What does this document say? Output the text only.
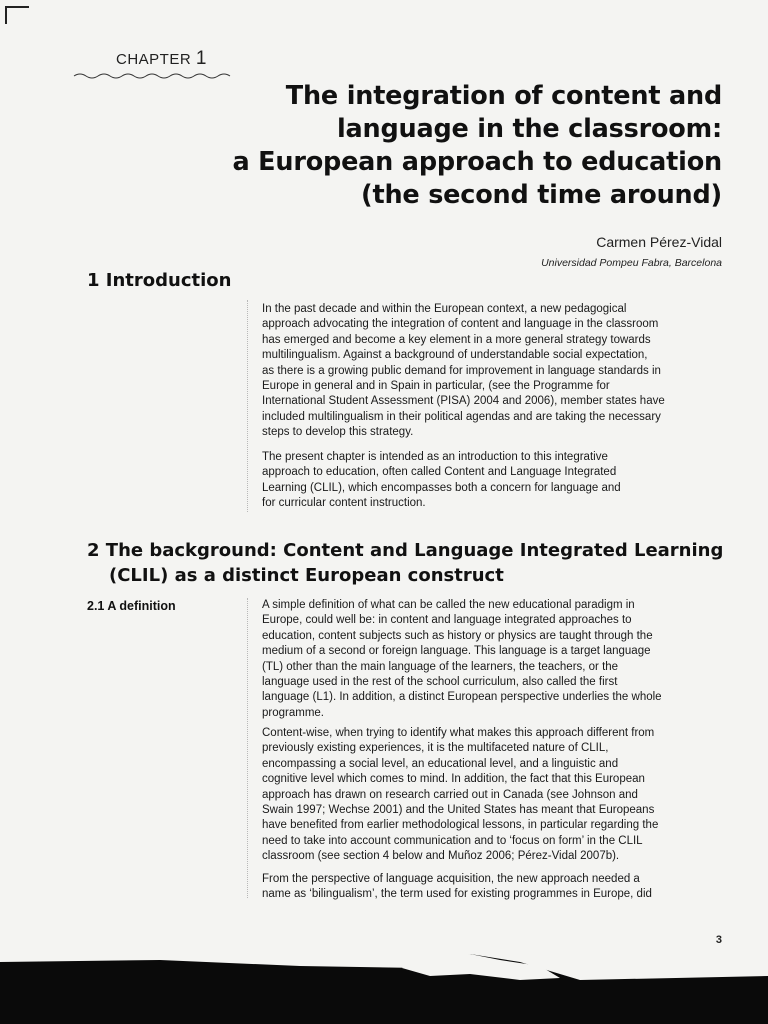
CHAPTER 1
The integration of content and
language in the classroom:
a European approach to education
(the second time around)
Carmen Pérez-Vidal
Universidad Pompeu Fabra, Barcelona
1 Introduction
In the past decade and within the European context, a new pedagogical
approach advocating the integration of content and language in the classroom
has emerged and become a key element in a more general strategy towards
multilingualism. Against a background of understandable social expectation,
as there is a growing public demand for improvement in language standards in
Europe in general and in Spain in particular, (see the Programme for
International Student Assessment (PISA) 2004 and 2006), member states have
included multilingualism in their political agendas and are taking the necessary
steps to develop this strategy.
The present chapter is intended as an introduction to this integrative
approach to education, often called Content and Language Integrated
Learning (CLIL), which encompasses both a concern for language and
for curricular content instruction.
2 The background: Content and Language Integrated Learning
(CLIL) as a distinct European construct
2.1 A definition	A simple definition of what can be called the new educational paradigm in
Europe, could well be: in content and language integrated approaches to
education, content subjects such as history or physics are taught through the
medium of a second or foreign language. This language is a target language
(TL) other than the main language of the learners, the teachers, or the
language used in the rest of the school curriculum, also called the first
language (L1). In addition, a distinct European perspective underlies the whole
programme.
Content-wise, when trying to identify what makes this approach different from
previously existing experiences, it is the multifaceted nature of CLIL,
encompassing a social level, an educational level, and a linguistic and
cognitive level which comes to mind. In addition, the fact that this European
approach has drawn on research carried out in Canada (see Johnson and
Swain 1997; Wechse 2001) and the United States has meant that Europeans
have benefited from earlier methodological lessons, in particular regarding the
need to take into account communication and to ‘focus on form’ in the CLIL
classroom (see section 4 below and Muñoz 2006; Pérez-Vidal 2007b).
From the perspective of language acquisition, the new approach needed a
name as ‘bilingualism’, the term used for existing programmes in Europe, did
3
